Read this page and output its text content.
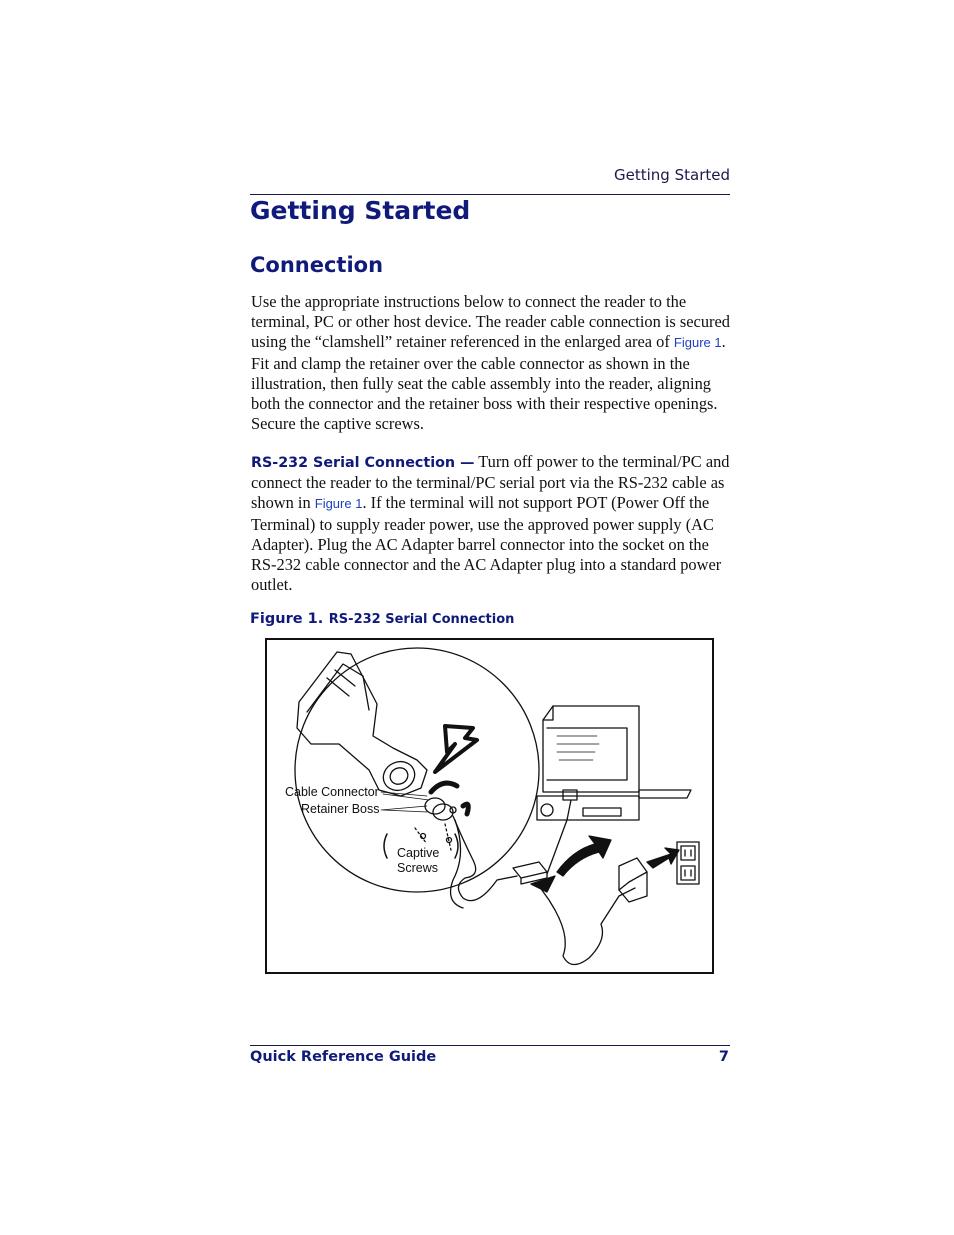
Getting Started
Getting Started
Connection

Use the appropriate instructions below to connect the reader to the terminal, PC or other host device. The reader cable connection is secured using the “clamshell” retainer referenced in the enlarged area of Figure 1. Fit and clamp the retainer over the cable connector as shown in the illustration, then fully seat the cable assembly into the reader, aligning both the connector and the retainer boss with their respective openings. Secure the captive screws.

RS-232 Serial Connection — Turn off power to the terminal/PC and connect the reader to the terminal/PC serial port via the RS-232 cable as shown in Figure 1. If the terminal will not support POT (Power Off the Terminal) to supply reader power, use the approved power supply (AC Adapter). Plug the AC Adapter barrel connector into the socket on the RS-232 cable connector and the AC Adapter plug into a standard power outlet.

Figure 1. RS-232 Serial Connection
Cable Connector
Retainer Boss
Captive
Screws
Quick Reference Guide	7
